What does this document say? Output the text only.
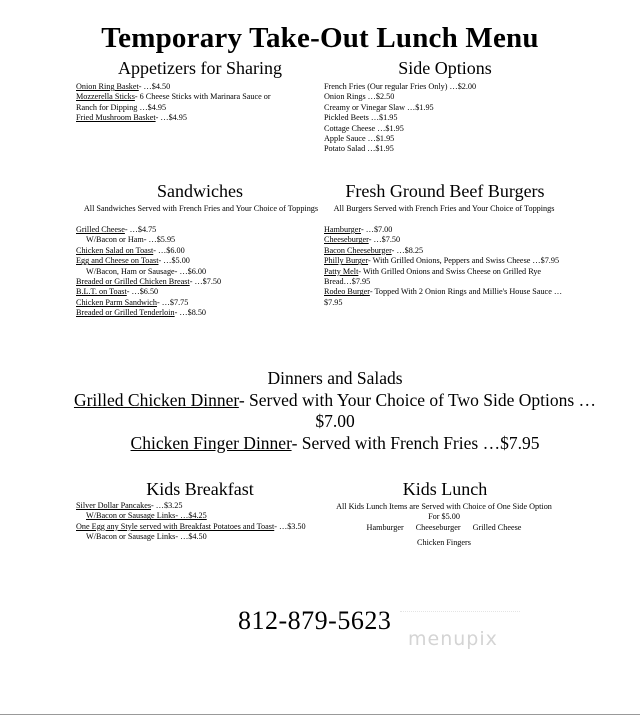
Temporary Take-Out Lunch Menu
Appetizers for Sharing
Onion Ring Basket- …$4.50
Mozzerella Sticks- 6 Cheese Sticks with Marinara Sauce or
Ranch for Dipping …$4.95
Fried Mushroom Basket- …$4.95
Side Options
French Fries (Our regular Fries Only) …$2.00
Onion Rings …$2.50
Creamy or Vinegar Slaw …$1.95
Pickled Beets …$1.95
Cottage Cheese …$1.95
Apple Sauce …$1.95
Potato Salad …$1.95
Sandwiches
All Sandwiches Served with French Fries and Your Choice of Toppings
Grilled Cheese- …$4.75
W/Bacon or Ham- …$5.95
Chicken Salad on Toast- …$6.00
Egg and Cheese on Toast- …$5.00
W/Bacon, Ham or Sausage- …$6.00
Breaded or Grilled Chicken Breast- …$7.50
B.L.T. on Toast- …$6.50
Chicken Parm Sandwich- …$7.75
Breaded or Grilled Tenderloin- …$8.50
Fresh Ground Beef Burgers
All Burgers Served with French Fries and Your Choice of Toppings
Hamburger- …$7.00
Cheeseburger- …$7.50
Bacon Cheeseburger- …$8.25
Philly Burger- With Grilled Onions, Peppers and Swiss Cheese …$7.95
Patty Melt- With Grilled Onions and Swiss Cheese on Grilled Rye Bread…$7.95
Rodeo Burger- Topped With 2 Onion Rings and Millie's House Sauce …$7.95
Dinners and Salads
Grilled Chicken Dinner- Served with Your Choice of Two Side Options …$7.00
Chicken Finger Dinner- Served with French Fries …$7.95
Kids Breakfast
Silver Dollar Pancakes- …$3.25
W/Bacon or Sausage Links- …$4.25
One Egg any Style served with Breakfast Potatoes and Toast- …$3.50
W/Bacon or Sausage Links- …$4.50
Kids Lunch
All Kids Lunch Items are Served with Choice of One Side Option
For $5.00
Hamburger Cheeseburger Grilled Cheese
Chicken Fingers
812-879-5623
menupix
